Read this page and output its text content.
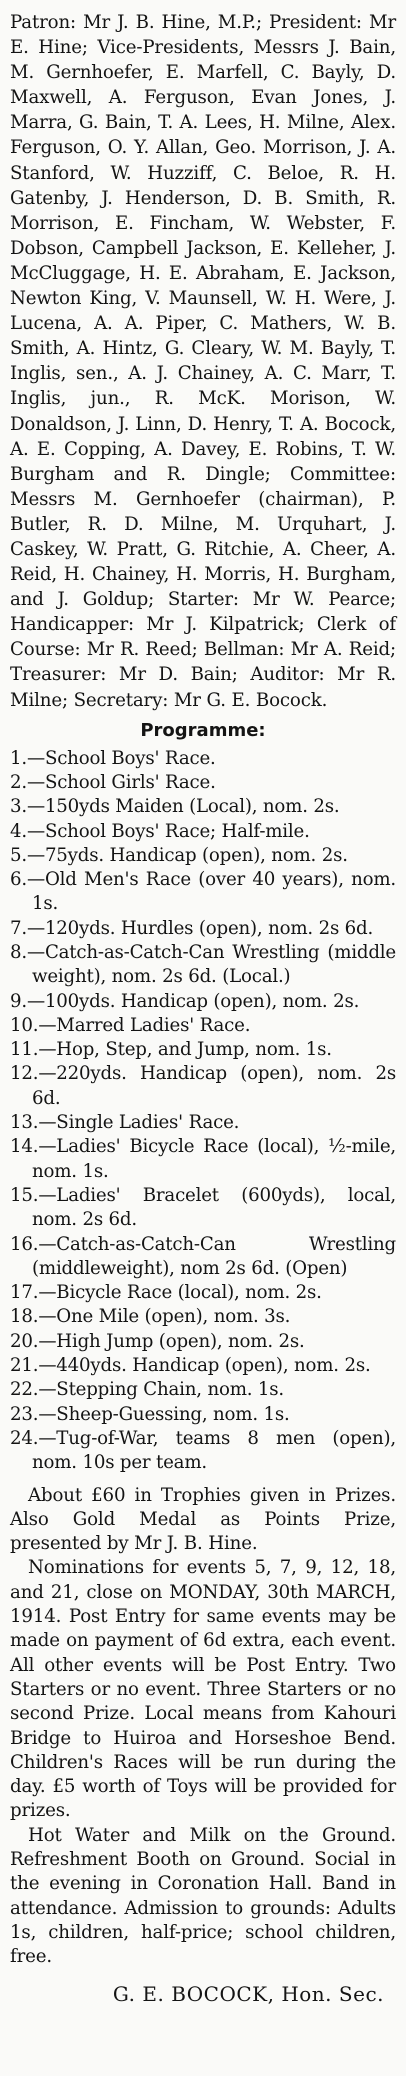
Patron: Mr J. B. Hine, M.P.; President: Mr E. Hine; Vice-Presidents, Messrs J. Bain, M. Gernhoefer, E. Marfell, C. Bayly, D. Maxwell, A. Ferguson, Evan Jones, J. Marra, G. Bain, T. A. Lees, H. Milne, Alex. Ferguson, O. Y. Allan, Geo. Morrison, J. A. Stanford, W. Huzziff, C. Beloe, R. H. Gatenby, J. Henderson, D. B. Smith, R. Morrison, E. Fincham, W. Webster, F. Dobson, Campbell Jackson, E. Kelleher, J. McCluggage, H. E. Abraham, E. Jackson, Newton King, V. Maunsell, W. H. Were, J. Lucena, A. A. Piper, C. Mathers, W. B. Smith, A. Hintz, G. Cleary, W. M. Bayly, T. Inglis, sen., A. J. Chainey, A. C. Marr, T. Inglis, jun., R. McK. Morison, W. Donaldson, J. Linn, D. Henry, T. A. Bocock, A. E. Copping, A. Davey, E. Robins, T. W. Burgham and R. Dingle; Committee: Messrs M. Gernhoefer (chairman), P. Butler, R. D. Milne, M. Urquhart, J. Caskey, W. Pratt, G. Ritchie, A. Cheer, A. Reid, H. Chainey, H. Morris, H. Burgham, and J. Goldup; Starter: Mr W. Pearce; Handicapper: Mr J. Kilpatrick; Clerk of Course: Mr R. Reed; Bellman: Mr A. Reid; Treasurer: Mr D. Bain; Auditor: Mr R. Milne; Secretary: Mr G. E. Bocock.

Programme:
1.—School Boys' Race.
2.—School Girls' Race.
3.—150yds Maiden (Local), nom. 2s.
4.—School Boys' Race; Half-mile.
5.—75yds. Handicap (open), nom. 2s.
6.—Old Men's Race (over 40 years), nom. 1s.
7.—120yds. Hurdles (open), nom. 2s 6d.
8.—Catch-as-Catch-Can Wrestling (middle weight), nom. 2s 6d. (Local.)
9.—100yds. Handicap (open), nom. 2s.
10.—Marred Ladies' Race.
11.—Hop, Step, and Jump, nom. 1s.
12.—220yds. Handicap (open), nom. 2s 6d.
13.—Single Ladies' Race.
14.—Ladies' Bicycle Race (local), ½-mile, nom. 1s.
15.—Ladies' Bracelet (600yds), local, nom. 2s 6d.
16.—Catch-as-Catch-Can Wrestling (middleweight), nom 2s 6d. (Open)
17.—Bicycle Race (local), nom. 2s.
18.—One Mile (open), nom. 3s.
20.—High Jump (open), nom. 2s.
21.—440yds. Handicap (open), nom. 2s.
22.—Stepping Chain, nom. 1s.
23.—Sheep-Guessing, nom. 1s.
24.—Tug-of-War, teams 8 men (open), nom. 10s per team.

About £60 in Trophies given in Prizes. Also Gold Medal as Points Prize, presented by Mr J. B. Hine.

Nominations for events 5, 7, 9, 12, 18, and 21, close on MONDAY, 30th MARCH, 1914. Post Entry for same events may be made on payment of 6d extra, each event. All other events will be Post Entry. Two Starters or no event. Three Starters or no second Prize. Local means from Kahouri Bridge to Huiroa and Horseshoe Bend. Children's Races will be run during the day. £5 worth of Toys will be provided for prizes.

Hot Water and Milk on the Ground. Refreshment Booth on Ground. Social in the evening in Coronation Hall. Band in attendance. Admission to grounds: Adults 1s, children, half-price; school children, free.

G. E. BOCOCK, Hon. Sec.
